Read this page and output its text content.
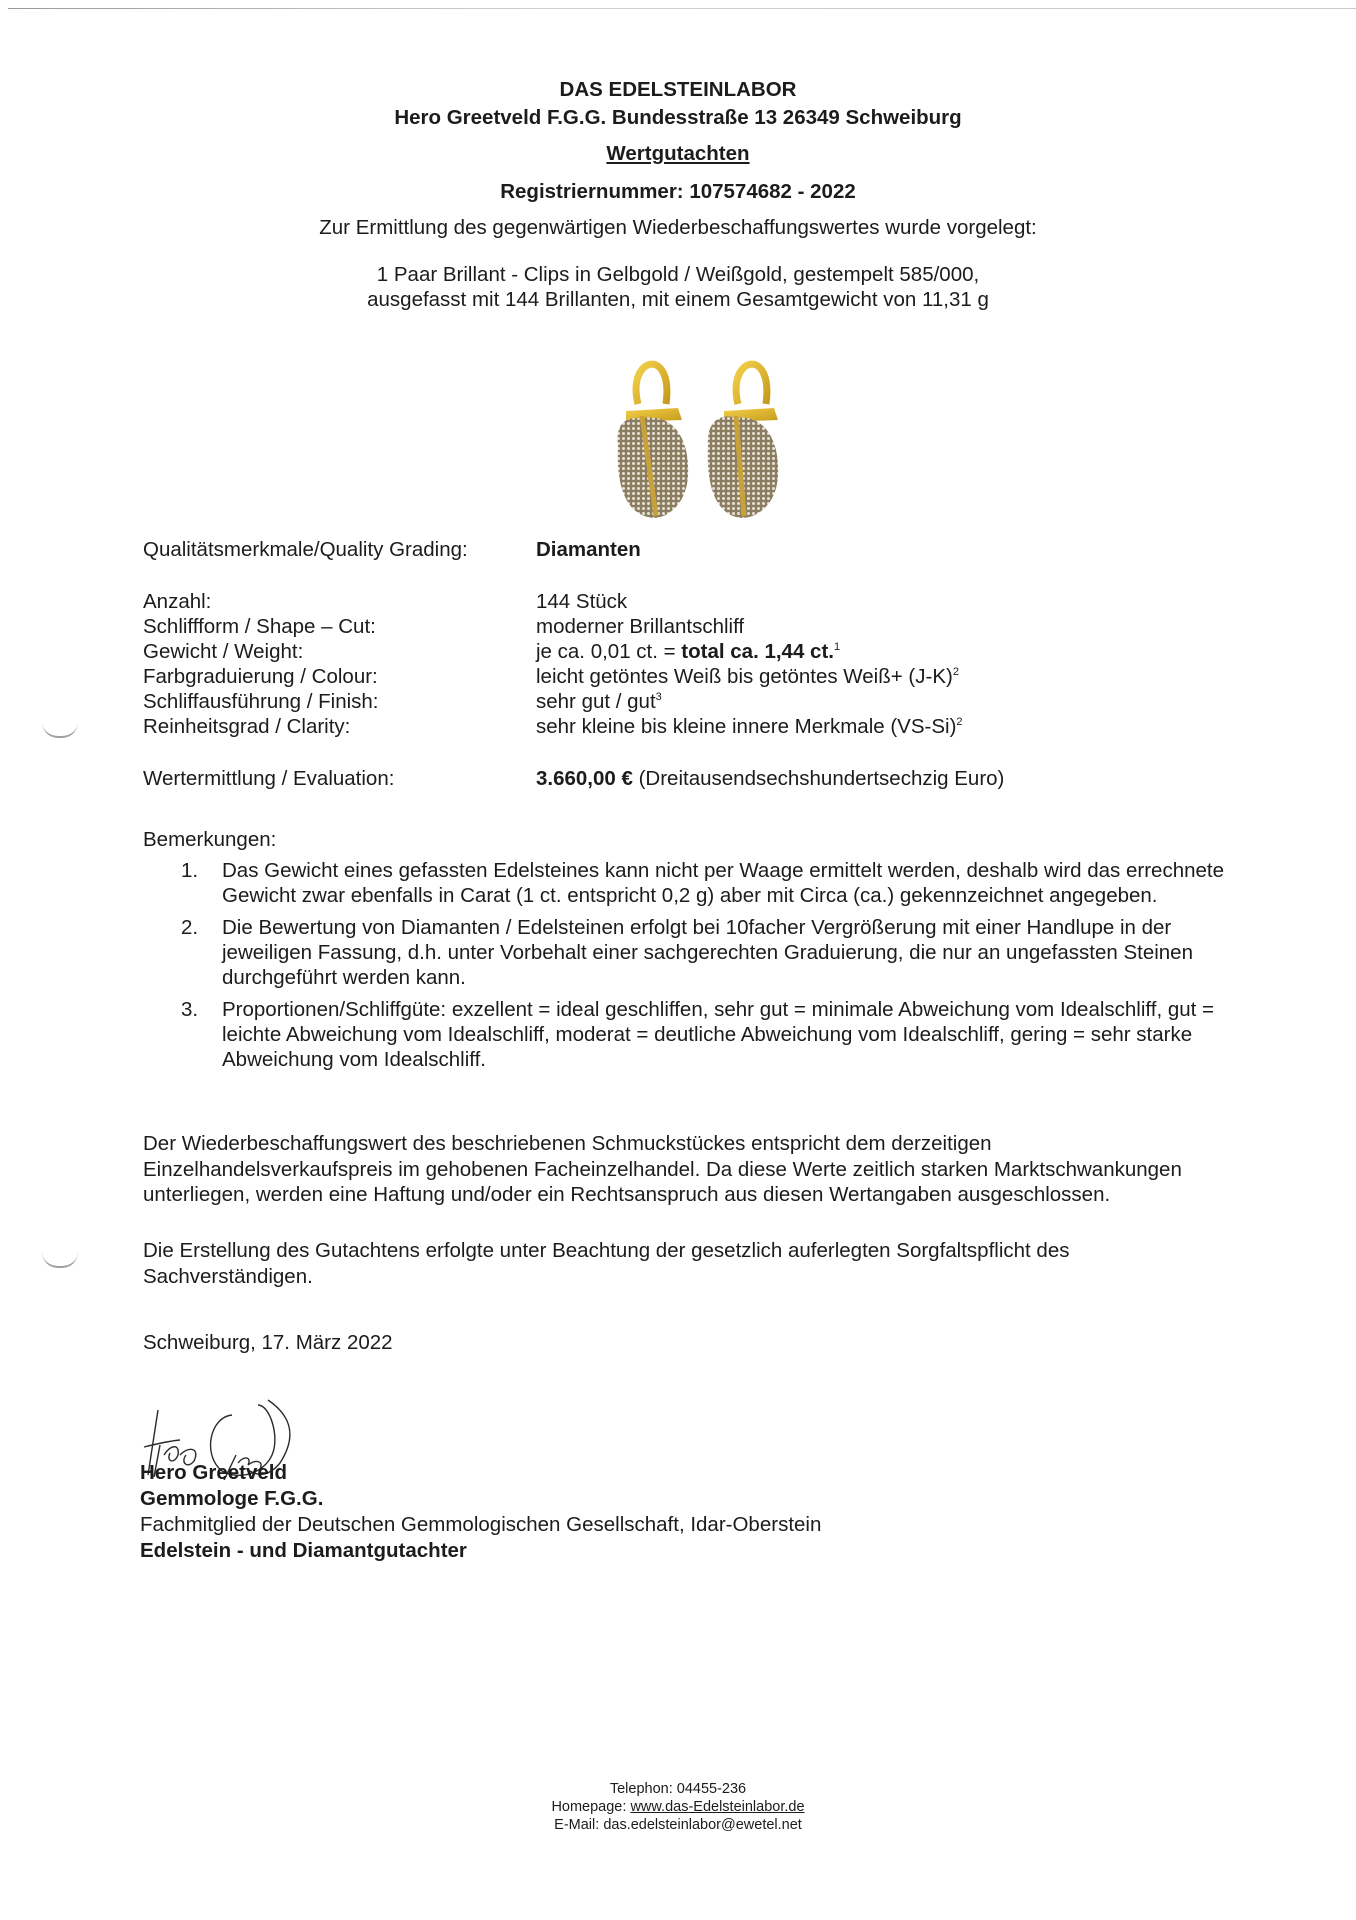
DAS EDELSTEINLABOR
Hero Greetveld F.G.G. Bundesstraße 13 26349 Schweiburg
Wertgutachten
Registriernummer: 107574682 - 2022
Zur Ermittlung des gegenwärtigen Wiederbeschaffungswertes wurde vorgelegt:
1 Paar Brillant - Clips in Gelbgold / Weißgold, gestempelt 585/000,
ausgefasst mit 144 Brillanten, mit einem Gesamtgewicht von 11,31 g
Qualitätsmerkmale/Quality Grading:	Diamanten
Anzahl:	144 Stück
Schliffform / Shape – Cut:	moderner Brillantschliff
Gewicht / Weight:	je ca. 0,01 ct. = total ca. 1,44 ct.$^1$
Farbgraduierung / Colour:	leicht getöntes Weiß bis getöntes Weiß+ $(J-K)^2$
Schliffausführung / Finish:	sehr gut / gut$^3$
Reinheitsgrad / Clarity:	sehr kleine bis kleine innere Merkmale $(VS-Si)^2$
Wertermittlung / Evaluation:	3.660,00 € (Dreitausendsechshundertsechzig Euro)
Bemerkungen:
1. Das Gewicht eines gefassten Edelsteines kann nicht per Waage ermittelt werden, deshalb wird das errechnete Gewicht zwar ebenfalls in Carat (1 ct. entspricht 0,2 g) aber mit Circa (ca.) gekennzeichnet angegeben.
2. Die Bewertung von Diamanten / Edelsteinen erfolgt bei 10facher Vergrößerung mit einer Handlupe in der jeweiligen Fassung, d.h. unter Vorbehalt einer sachgerechten Graduierung, die nur an ungefassten Steinen durchgeführt werden kann.
3. Proportionen/Schliffgüte: exzellent = ideal geschliffen, sehr gut = minimale Abweichung vom Idealschliff, gut = leichte Abweichung vom Idealschliff, moderat = deutliche Abweichung vom Idealschliff, gering = sehr starke Abweichung vom Idealschliff.
Der Wiederbeschaffungswert des beschriebenen Schmuckstückes entspricht dem derzeitigen Einzelhandelsverkaufspreis im gehobenen Facheinzelhandel. Da diese Werte zeitlich starken Marktschwankungen unterliegen, werden eine Haftung und/oder ein Rechtsanspruch aus diesen Wertangaben ausgeschlossen.
Die Erstellung des Gutachtens erfolgte unter Beachtung der gesetzlich auferlegten Sorgfaltspflicht des Sachverständigen.
Schweiburg, 17. März 2022
Hero Greetveld
Gemmologe F.G.G.
Fachmitglied der Deutschen Gemmologischen Gesellschaft, Idar-Oberstein
Edelstein - und Diamantgutachter
Telephon: 04455-236
Homepage: www.das-Edelsteinlabor.de
E-Mail: das.edelsteinlabor@ewetel.net
